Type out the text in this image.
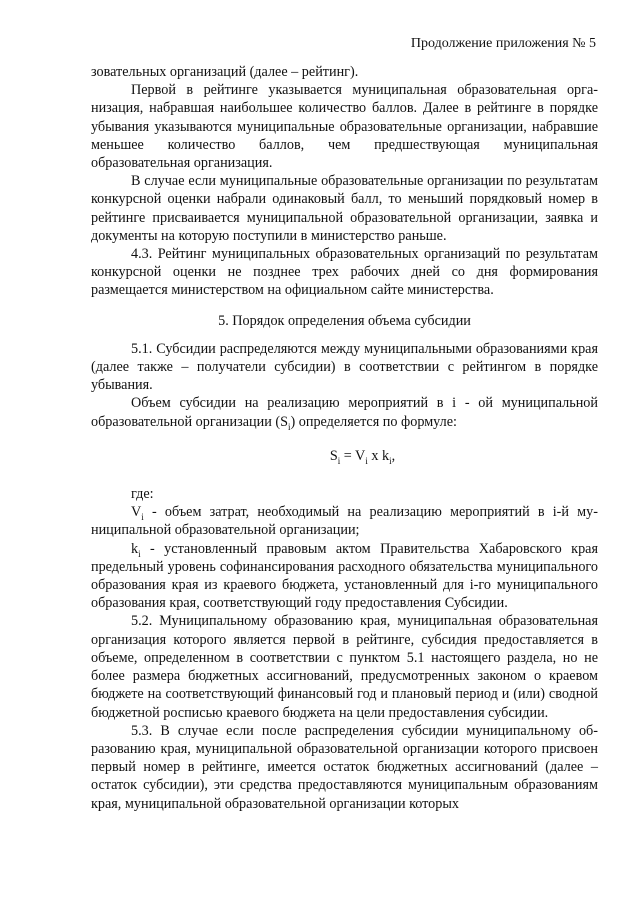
Продолжение приложения № 5

зовательных организаций (далее – рейтинг).

Первой в рейтинге указывается муниципальная образовательная организация, набравшая наибольшее количество баллов. Далее в рейтинге в порядке убывания указываются муниципальные образовательные организации, набравшие меньшее количество баллов, чем предшествующая муниципальная образовательная организация.

В случае если муниципальные образовательные организации по результатам конкурсной оценки набрали одинаковый балл, то меньший порядковый номер в рейтинге присваивается муниципальной образовательной организации, заявка и документы на которую поступили в министерство раньше.

4.3. Рейтинг муниципальных образовательных организаций по результатам конкурсной оценки не позднее трех рабочих дней со дня формирования размещается министерством на официальном сайте министерства.

5. Порядок определения объема субсидии

5.1. Субсидии распределяются между муниципальными образованиями края (далее также – получатели субсидии) в соответствии с рейтингом в порядке убывания.

Объем субсидии на реализацию мероприятий в i - ой муниципальной образовательной организации $(S_i)$ определяется по формуле:

$S_i = V_i$ x $k_i$,

где:

$V_i$ - объем затрат, необходимый на реализацию мероприятий в i-й муниципальной образовательной организации;

$k_i$ - установленный правовым актом Правительства Хабаровского края предельный уровень софинансирования расходного обязательства муниципального образования края из краевого бюджета, установленный для i-го муниципального образования края, соответствующий году предоставления Субсидии.

5.2. Муниципальному образованию края, муниципальная образовательная организация которого является первой в рейтинге, субсидия предоставляется в объеме, определенном в соответствии с пунктом 5.1 настоящего раздела, но не более размера бюджетных ассигнований, предусмотренных законом о краевом бюджете на соответствующий финансовый год и плановый период и (или) сводной бюджетной росписью краевого бюджета на цели предоставления субсидии.

5.3. В случае если после распределения субсидии муниципальному образованию края, муниципальной образовательной организации которого присвоен первый номер в рейтинге, имеется остаток бюджетных ассигнований (далее – остаток субсидии), эти средства предоставляются муниципальным образованиям края, муниципальной образовательной организации которых
